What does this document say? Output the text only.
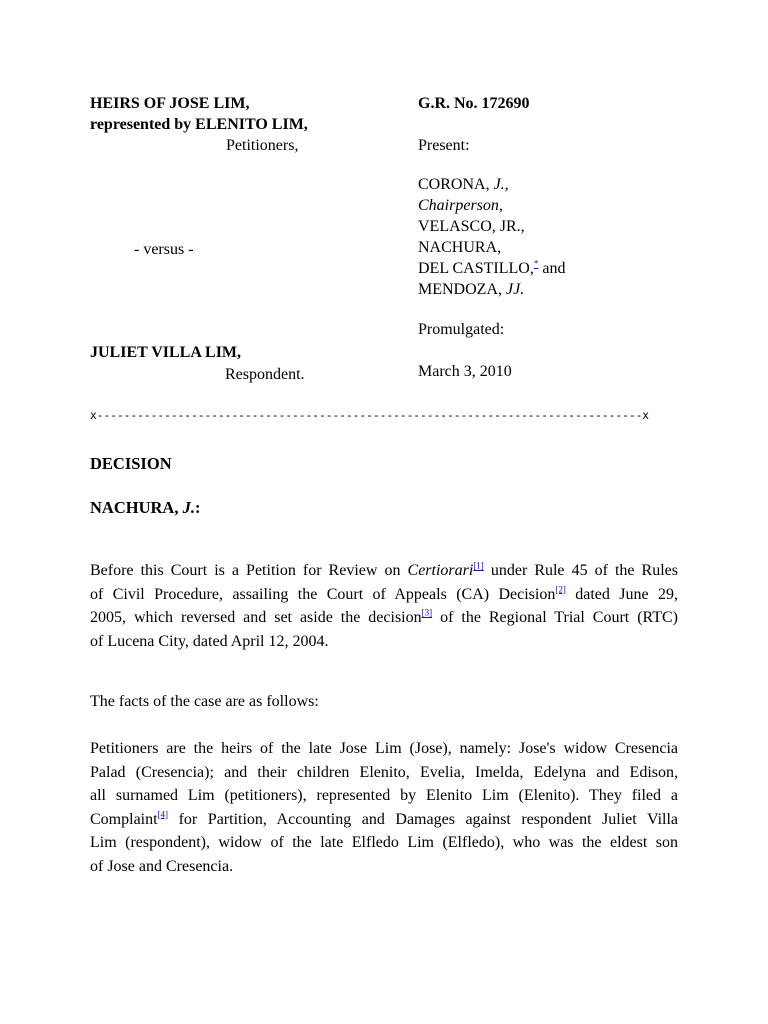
HEIRS OF JOSE LIM,
represented by ELENITO LIM,
Petitioners,
- versus -
JULIET VILLA LIM,
Respondent.
G.R. No. 172690
Present:
CORONA, J.,
Chairperson,
VELASCO, JR.,
NACHURA,
DEL CASTILLO,* and
MENDOZA, JJ.
Promulgated:
March 3, 2010
x---------------------------------------------------------------------------------x
DECISION
NACHURA, J.:
Before this Court is a Petition for Review on Certiorari[1] under Rule 45 of the Rules
of Civil Procedure, assailing the Court of Appeals (CA) Decision[2] dated June 29,
2005, which reversed and set aside the decision[3] of the Regional Trial Court (RTC)
of Lucena City, dated April 12, 2004.
The facts of the case are as follows:
Petitioners are the heirs of the late Jose Lim (Jose), namely: Jose's widow Cresencia
Palad (Cresencia); and their children Elenito, Evelia, Imelda, Edelyna and Edison,
all surnamed Lim (petitioners), represented by Elenito Lim (Elenito). They filed a
Complaint[4] for Partition, Accounting and Damages against respondent Juliet Villa
Lim (respondent), widow of the late Elfledo Lim (Elfledo), who was the eldest son
of Jose and Cresencia.
